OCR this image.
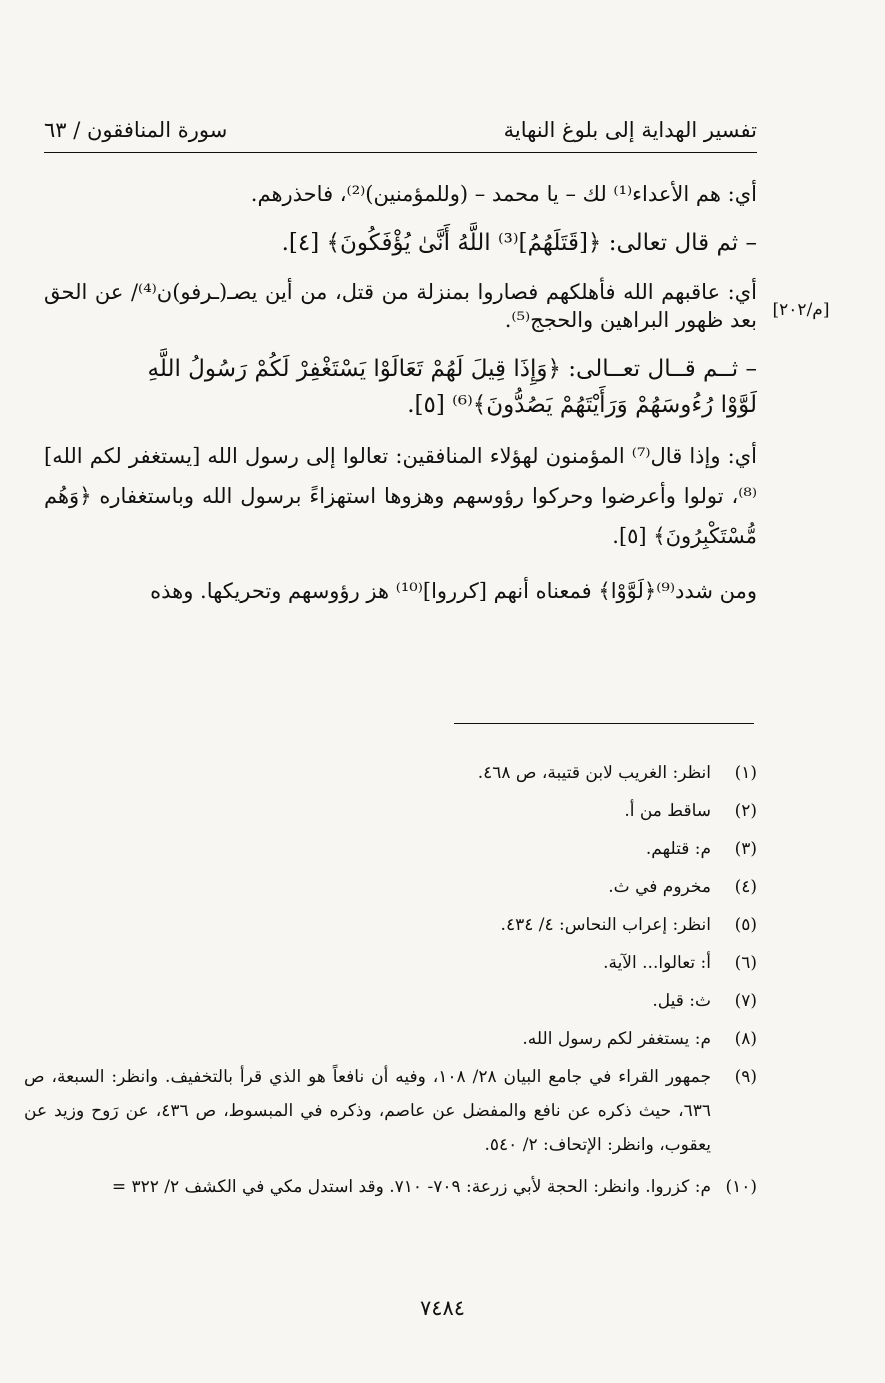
تفسير الهداية إلى بلوغ النهاية
سورة المنافقون / ٦٣
[م/٢٠٢]

أي: هم الأعداء⁽¹⁾ لك – يا محمد – (وللمؤمنين)⁽²⁾، فاحذرهم.

– ثم قال تعالى: ﴿[قَتَلَهُمُ]⁽³⁾ اللَّهُ أَنَّىٰ يُؤْفَكُونَ﴾ [٤].

أي: عاقبهم الله فأهلكهم فصاروا بمنزلة من قتل، من أين يصـ(ـرفو)ن⁽⁴⁾/ عن الحق بعد ظهور البراهين والحجج⁽⁵⁾.

– ثــم قــال تعــالى: ﴿وَإِذَا قِيلَ لَهُمْ تَعَالَوْا يَسْتَغْفِرْ لَكُمْ رَسُولُ اللَّهِ

لَوَّوْا رُءُوسَهُمْ وَرَأَيْتَهُمْ يَصُدُّونَ﴾⁽⁶⁾ [٥].

أي: وإذا قال⁽⁷⁾ المؤمنون لهؤلاء المنافقين: تعالوا إلى رسول الله [يستغفر لكم الله]⁽⁸⁾، تولوا وأعرضوا وحركوا رؤوسهم وهزوها استهزاءً برسول الله وباستغفاره ﴿وَهُم مُّسْتَكْبِرُونَ﴾ [٥].

ومن شدد⁽⁹⁾﴿لَوَّوْا﴾ فمعناه أنهم [كرروا]⁽¹⁰⁾ هز رؤوسهم وتحريكها. وهذه

(١)
انظر: الغريب لابن قتيبة، ص ٤٦٨.
(٢)
ساقط من أ.
(٣)
م: قتلهم.
(٤)
مخروم في ث.
(٥)
انظر: إعراب النحاس: ٤/ ٤٣٤.
(٦)
أ: تعالوا... الآية.
(٧)
ث: قيل.
(٨)
م: يستغفر لكم رسول الله.
(٩)
جمهور القراء في جامع البيان ٢٨/ ١٠٨، وفيه أن نافعاً هو الذي قرأ بالتخفيف. وانظر: السبعة، ص ٦٣٦، حيث ذكره عن نافع والمفضل عن عاصم، وذكره في المبسوط، ص ٤٣٦، عن رَوح وزيد عن يعقوب، وانظر: الإتحاف: ٢/ ٥٤٠.
(١٠)
م: كزروا. وانظر: الحجة لأبي زرعة: ٧٠٩- ٧١٠. وقد استدل مكي في الكشف ٢/ ٣٢٢ =
٧٤٨٤
